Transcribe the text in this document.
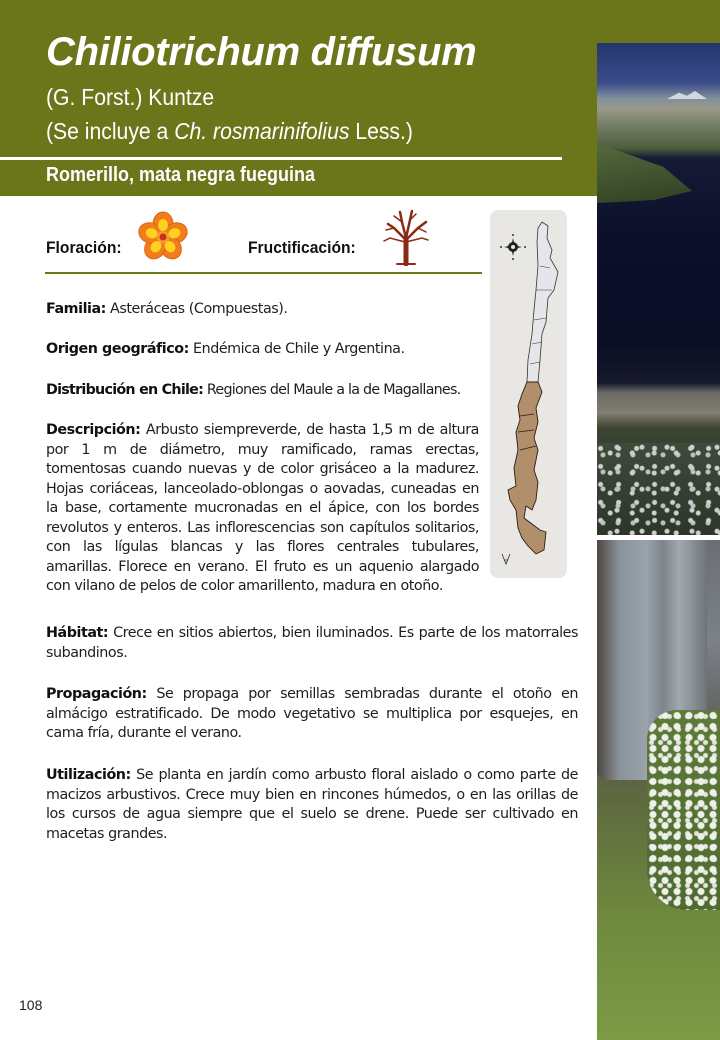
Chiliotrichum diffusum
(G. Forst.) Kuntze
(Se incluye a Ch. rosmarinifolius Less.)
Romerillo, mata negra fueguina
Floración:	Fructificación:
Familia: Asteráceas (Compuestas).
Origen geográfico: Endémica de Chile y Argentina.
Distribución en Chile: Regiones del Maule a la de Magallanes.
Descripción: Arbusto siempreverde, de hasta 1,5 m de altura por 1 m de diámetro, muy ramificado, ramas erectas, tomentosas cuando nuevas y de color grisáceo a la madurez. Hojas coriáceas, lanceolado-oblongas o aovadas, cuneadas en la base, cortamente mucronadas en el ápice, con los bordes revolutos y enteros. Las inflorescencias son capítulos solitarios, con las lígulas blancas y las flores centrales tubulares, amarillas. Florece en verano. El fruto es un aquenio alargado con vilano de pelos de color amarillento, madura en otoño.
Hábitat: Crece en sitios abiertos, bien iluminados. Es parte de los matorrales subandinos.
Propagación: Se propaga por semillas sembradas durante el otoño en almácigo estratificado. De modo vegetativo se multiplica por esquejes, en cama fría, durante el verano.
Utilización: Se planta en jardín como arbusto floral aislado o como parte de macizos arbustivos. Crece muy bien en rincones húmedos, o en las orillas de los cursos de agua siempre que el suelo se drene. Puede ser cultivado en macetas grandes.
108
